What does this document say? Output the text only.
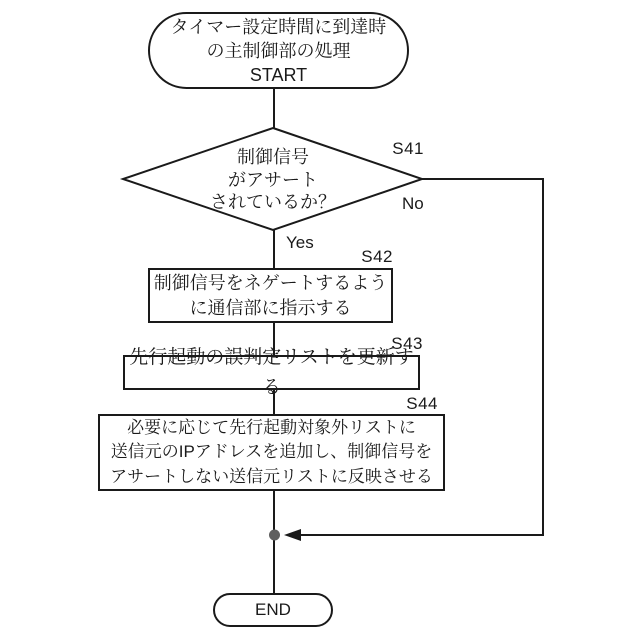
タイマー設定時間に到達時
の主制御部の処理
START
制御信号
がアサート
されているか？
S41
No
Yes
S42
S43
S44
制御信号をネゲートするよう
に通信部に指示する
先行起動の誤判定リストを更新する
必要に応じて先行起動対象外リストに
送信元のIPアドレスを追加し、制御信号を
アサートしない送信元リストに反映させる
END
